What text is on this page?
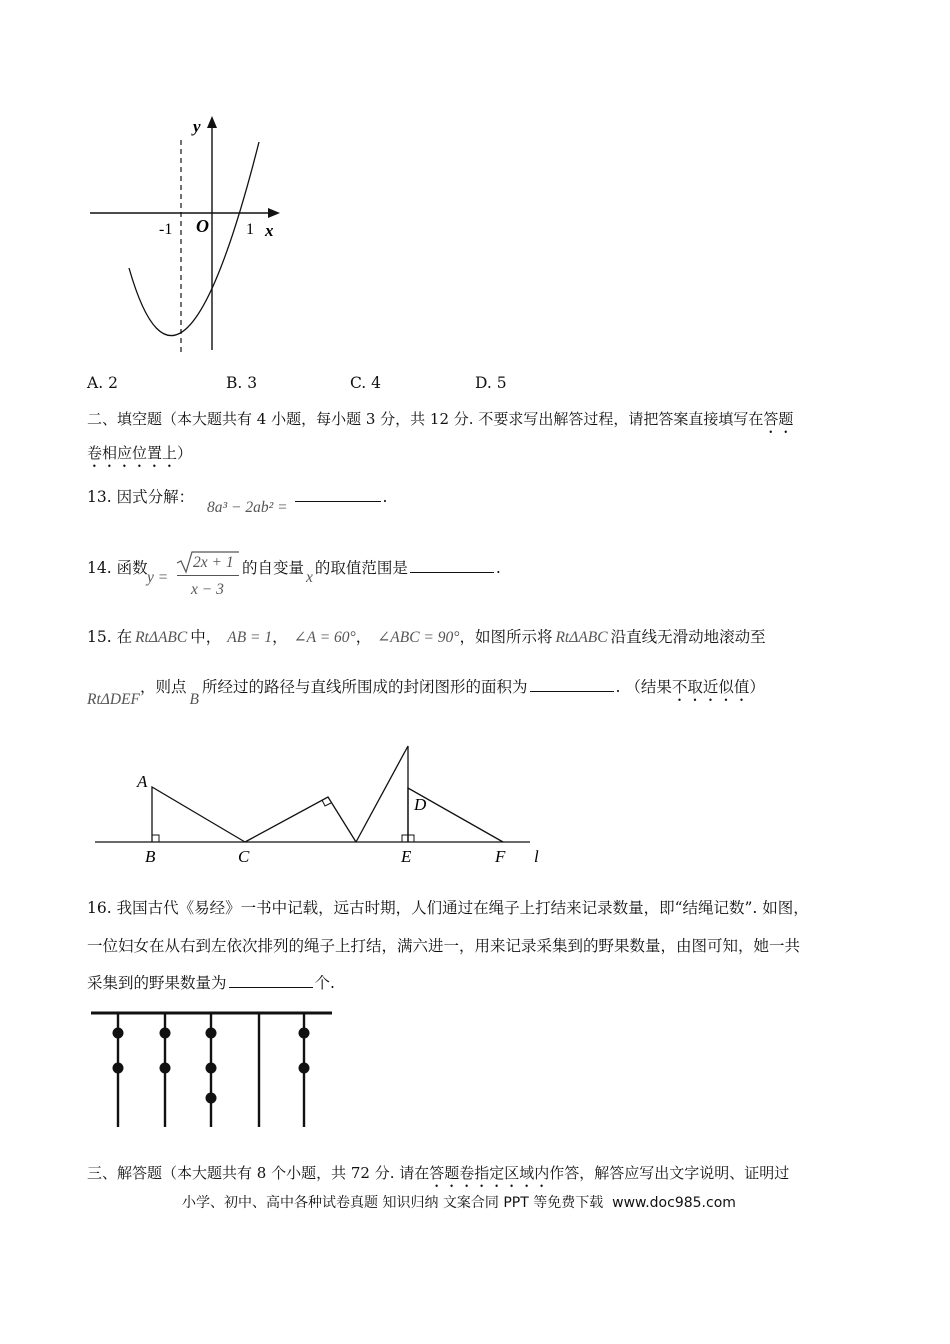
y
x
O
-1	1
A. 2	B. 3	C. 4	D. 5
二、填空题（本大题共有 4 小题，每小题 3 分，共 12 分. 不要求写出解答过程，请把答案直接填写在答题
卷相应位置上）
13. 因式分解： 8a³ − 2ab² = .
14. 函数
y =
2x + 1
x − 3
的自变量x的取值范围是	.
15. 在 RtΔABC 中， AB = 1， ∠A = 60°， ∠ABC = 90°，如图所示将 RtΔABC 沿直线无滑动地滚动至
RtΔDEF，则点B所经过的路径与直线所围成的封闭图形的面积为	. （结果不取近似值）
A
B	C
D
E	F l
16. 我国古代《易经》一书中记载，远古时期，人们通过在绳子上打结来记录数量，即“结绳记数”. 如图，
一位妇女在从右到左依次排列的绳子上打结，满六进一，用来记录采集到的野果数量，由图可知，她一共
采集到的野果数量为	个.
三、解答题（本大题共有 8 个小题，共 72 分. 请在答题卷指定区域内作答，解答应写出文字说明、证明过
小学、初中、高中各种试卷真题 知识归纳 文案合同 PPT 等免费下载 www.doc985.com
